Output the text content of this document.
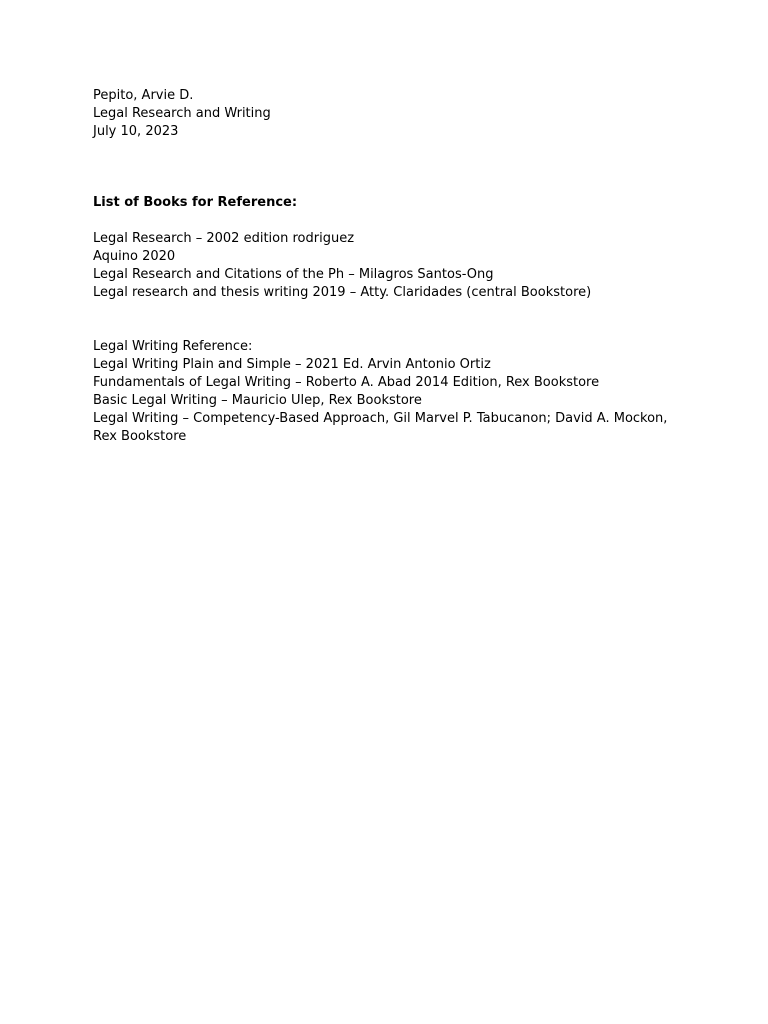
Pepito, Arvie D.
Legal Research and Writing
July 10, 2023
List of Books for Reference:
Legal Research – 2002 edition rodriguez
Aquino 2020
Legal Research and Citations of the Ph – Milagros Santos-Ong
Legal research and thesis writing 2019 – Atty. Claridades (central Bookstore)
Legal Writing Reference:
Legal Writing Plain and Simple – 2021 Ed. Arvin Antonio Ortiz
Fundamentals of Legal Writing – Roberto A. Abad 2014 Edition, Rex Bookstore
Basic Legal Writing – Mauricio Ulep, Rex Bookstore
Legal Writing – Competency-Based Approach, Gil Marvel P. Tabucanon; David A. Mockon,
Rex Bookstore
